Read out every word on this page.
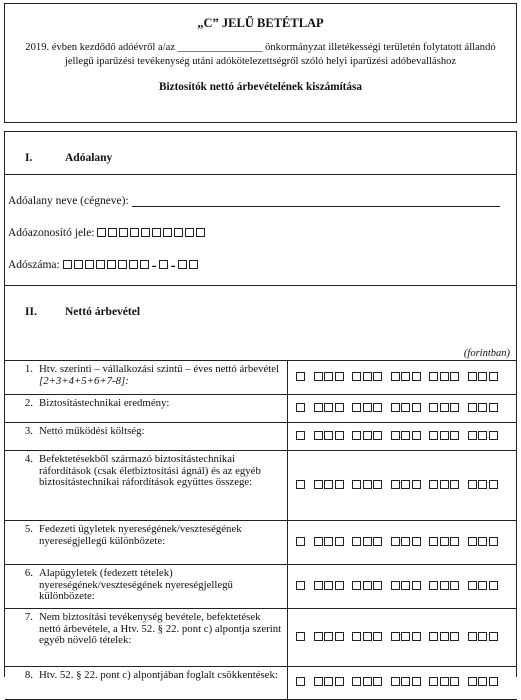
„C” JELŰ BETÉTLAP
2019. évben kezdődő adóévről a/az ________________ önkormányzat illetékességi területén folytatott állandó jellegű iparűzési tevékenység utáni adókötelezettségről szóló helyi iparűzési adóbevalláshoz
Biztosítók nettó árbevételének kiszámítása
I.	Adóalany
Adóalany neve (cégneve):
Adóazonosító jele:
Adószáma:	- -
II. Nettó árbevétel
(forintban)
1.	Htv. szerinti – vállalkozási szintű – éves nettó árbevétel [2+3+4+5+6+7-8]:	
2.	Biztosítástechnikai eredmény:	
3.	Nettó működési költség:	
4.	Befektetésekből származó biztosítástechnikai ráfordítások (csak életbiztosítási ágnál) és az egyéb biztosítástechnikai ráfordítások együttes összege:	
5.	Fedezeti ügyletek nyereségének/veszteségének nyereségjellegű különbözete:	
6.	Alapügyletek (fedezett tételek) nyereségének/veszteségének nyereségjellegű különbözete:	
7.	Nem biztosítási tevékenység bevétele, befektetések nettó árbevétele, a Htv. 52. § 22. pont c) alpontja szerint egyéb növelő tételek:	
8.	Htv. 52. § 22. pont c) alpontjában foglalt csökkentések:	
